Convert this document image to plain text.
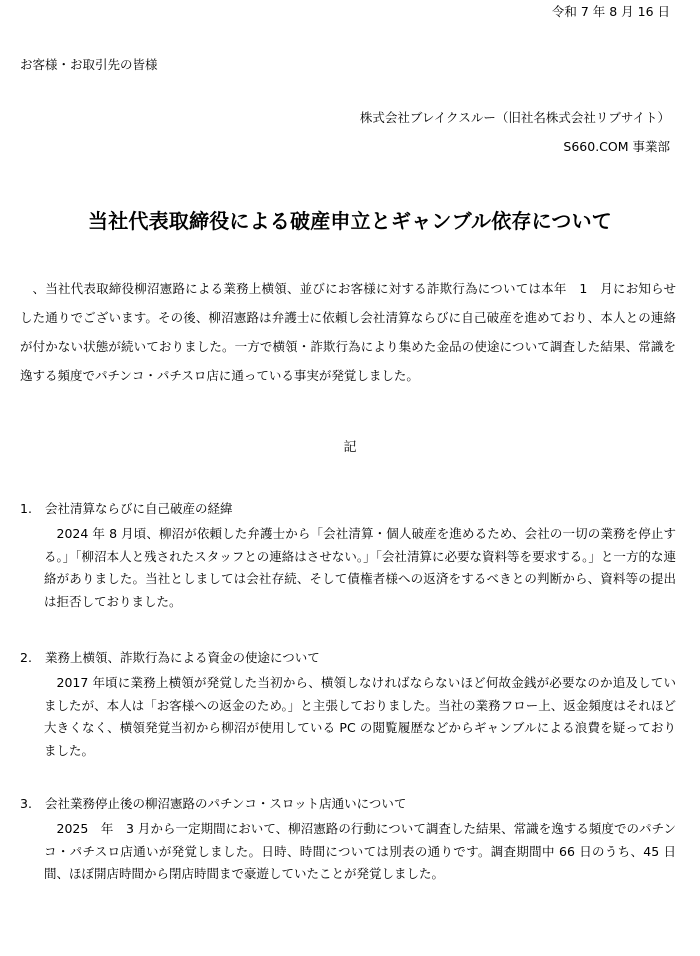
令和 7 年 8 月 16 日
お客様・お取引先の皆様
株式会社ブレイクスルー（旧社名株式会社リブサイト）
S660.COM 事業部
当社代表取締役による破産申立とギャンブル依存について

、当社代表取締役柳沼憲路による業務上横領、並びにお客様に対する詐欺行為については本年　1　月にお知らせした通りでございます。その後、柳沼憲路は弁護士に依頼し会社清算ならびに自己破産を進めており、本人との連絡が付かない状態が続いておりました。一方で横領・詐欺行為により集めた金品の使途について調査した結果、常識を逸する頻度でパチンコ・パチスロ店に通っている事実が発覚しました。

記
1.	会社清算ならびに自己破産の経緯

2024 年 8 月頃、柳沼が依頼した弁護士から「会社清算・個人破産を進めるため、会社の一切の業務を停止する。」「柳沼本人と残されたスタッフとの連絡はさせない。」「会社清算に必要な資料等を要求する。」と一方的な連絡がありました。当社としましては会社存続、そして債権者様への返済をするべきとの判断から、資料等の提出は拒否しておりました。

2.	業務上横領、詐欺行為による資金の使途について

2017 年頃に業務上横領が発覚した当初から、横領しなければならないほど何故金銭が必要なのか追及していましたが、本人は「お客様への返金のため。」と主張しておりました。当社の業務フロー上、返金頻度はそれほど大きくなく、横領発覚当初から柳沼が使用している PC の閲覧履歴などからギャンブルによる浪費を疑っておりました。

3.	会社業務停止後の柳沼憲路のパチンコ・スロット店通いについて

2025　年　3 月から一定期間において、柳沼憲路の行動について調査した結果、常識を逸する頻度でのパチンコ・パチスロ店通いが発覚しました。日時、時間については別表の通りです。調査期間中 66 日のうち、45 日間、ほぼ開店時間から閉店時間まで豪遊していたことが発覚しました。
